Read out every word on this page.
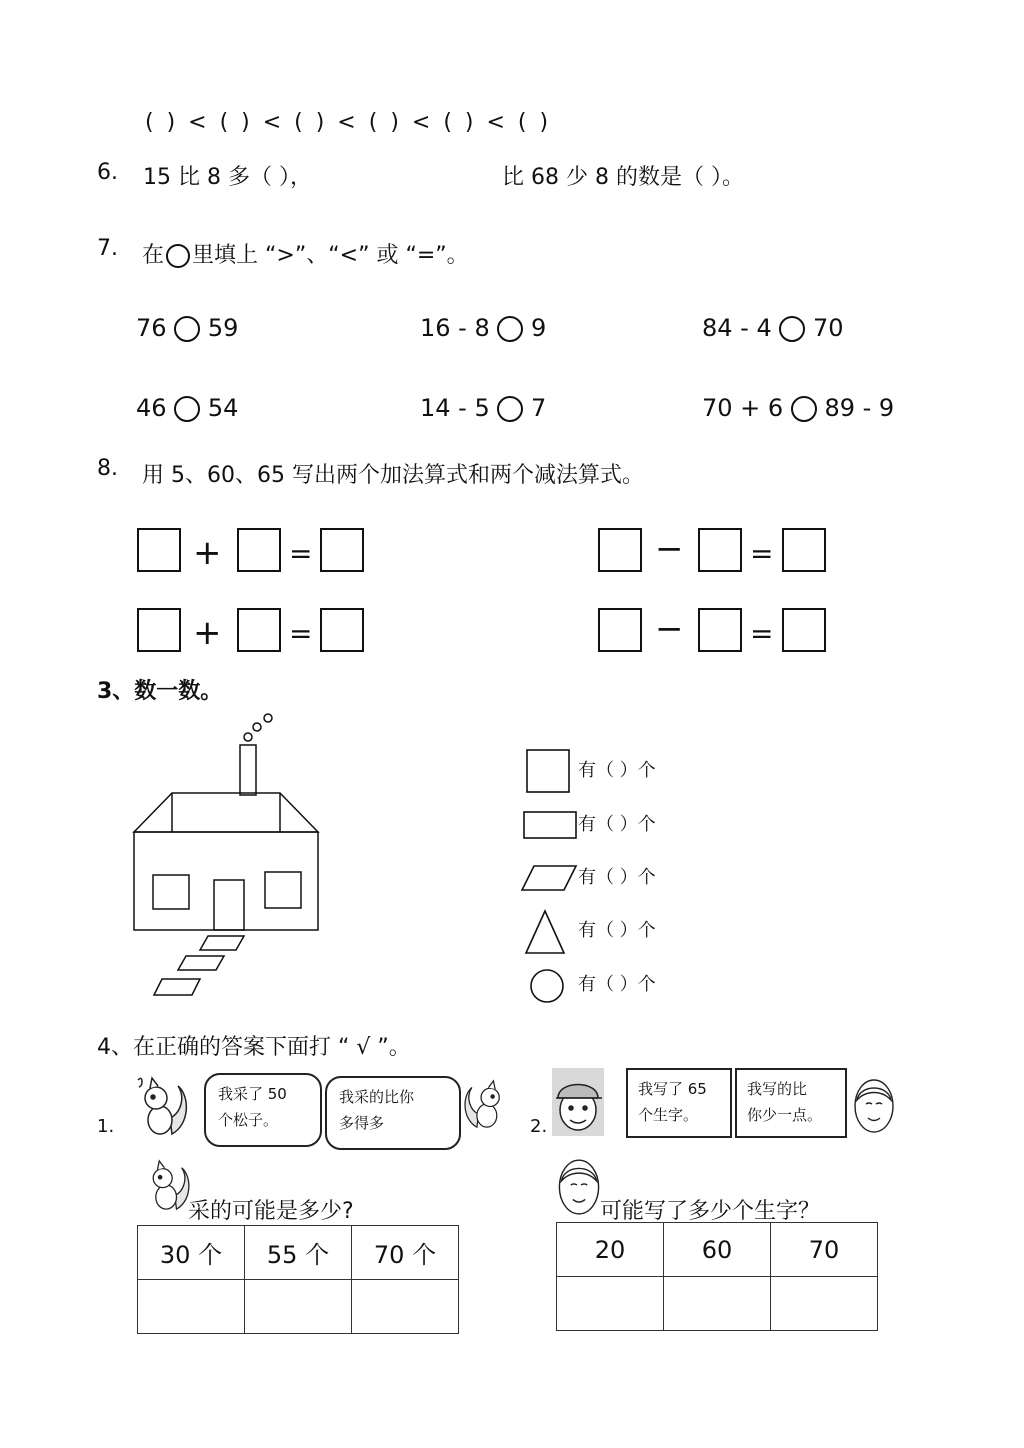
( ) < ( ) < ( ) < ( ) < ( ) < ( )
6. 15 比 8 多（ ），	比 68 少 8 的数是（ ）。
7. 在 里填上 “>”、“<” 或 “=”。
76 59	16 - 8 9	84 - 4 70
46 54	14 - 5 7	70 + 6 89 - 9
8. 用 5、60、65 写出两个加法算式和两个减法算式。
+ =
+ =
− =
− =
3、数一数。
有（ ）个
有（ ）个
有（ ）个
有（ ）个
有（ ）个
4、在正确的答案下面打 “ √ ”。
1.
我采了 50
个松子。
我采的比你
多得多
采的可能是多少?
30 个	55 个	70 个

2.
我写了 65
个生字。
我写的比
你少一点。
可能写了多少个生字？
20	60	70
